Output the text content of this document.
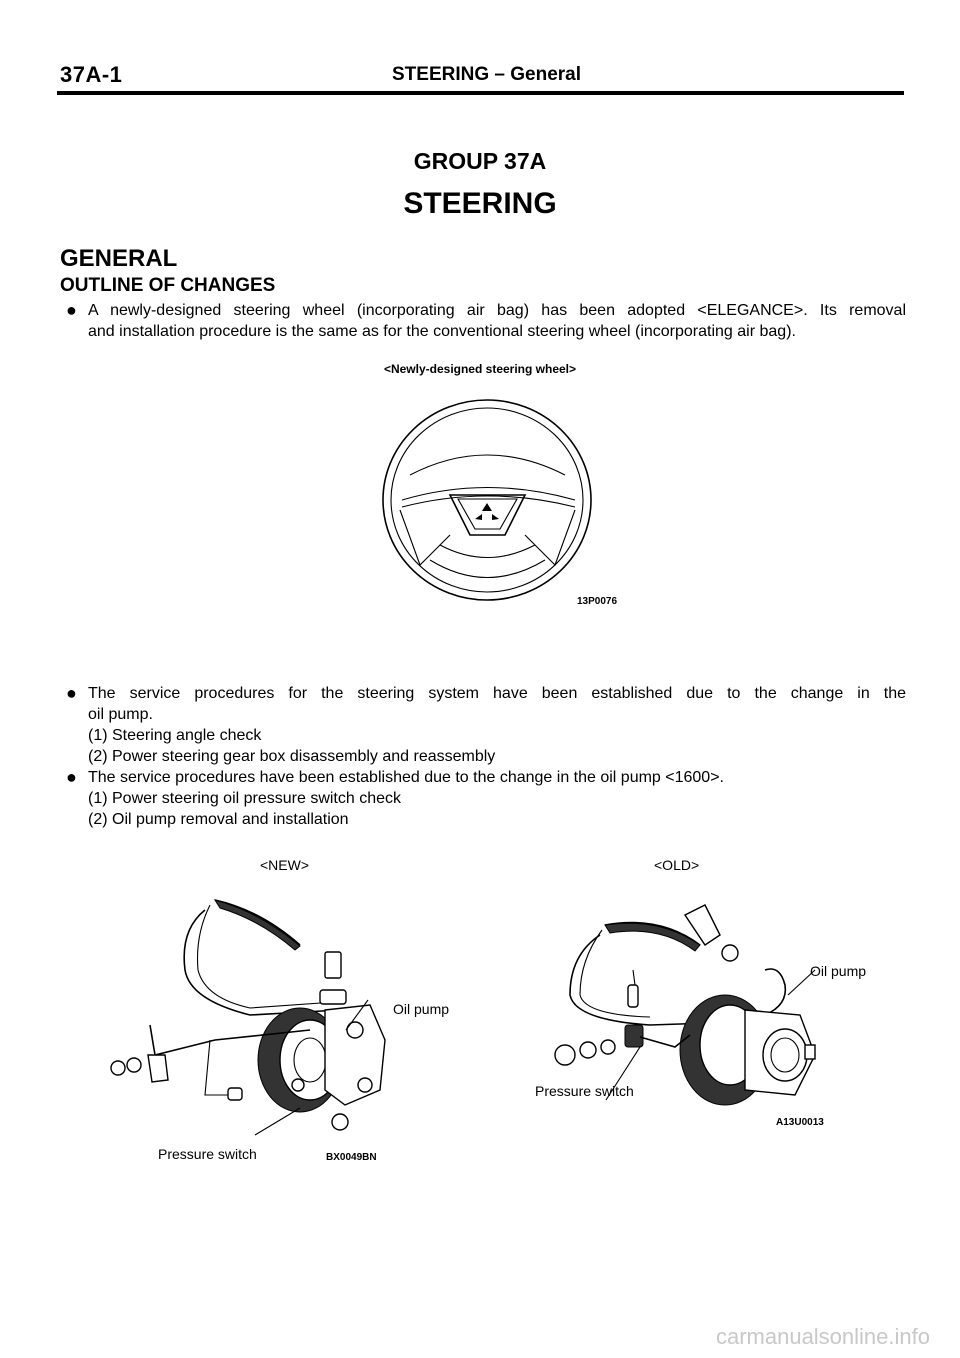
37A-1	STEERING – General
GROUP 37A
STEERING
GENERAL
OUTLINE OF CHANGES
● A newly-designed steering wheel (incorporating air bag) has been adopted <ELEGANCE>. Its removal
and installation procedure is the same as for the conventional steering wheel (incorporating air bag).
<Newly-designed steering wheel>
13P0076
● The service procedures for the steering system have been established due to the change in the
oil pump.
(1) Steering angle check
(2) Power steering gear box disassembly and reassembly
● The service procedures have been established due to the change in the oil pump <1600>.
(1) Power steering oil pressure switch check
(2) Oil pump removal and installation
<NEW>	<OLD>
Oil pump
Pressure switch	BX0049BN
Oil pump
Pressure switch
A13U0013
carmanualsonline.info
